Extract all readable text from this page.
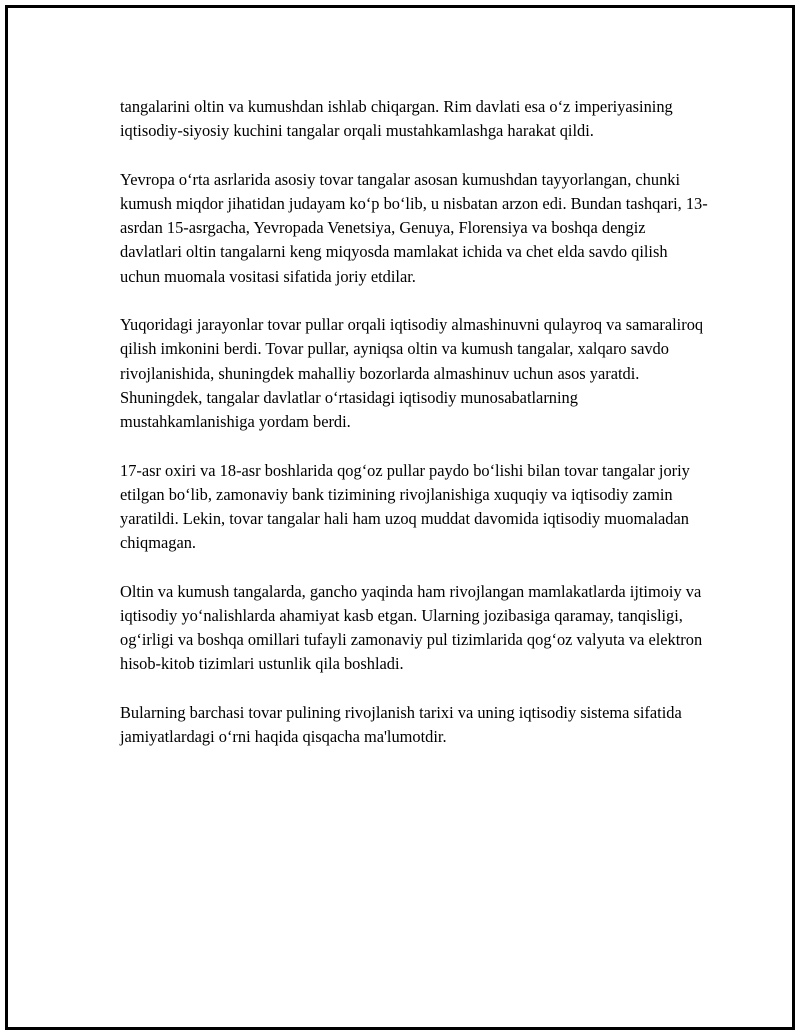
tangalarini oltin va kumushdan ishlab chiqargan. Rim davlati esa oʻz imperiyasining iqtisodiy-siyosiy kuchini tangalar orqali mustahkamlashga harakat qildi.

Yevropa oʻrta asrlarida asosiy tovar tangalar asosan kumushdan tayyorlangan, chunki kumush miqdor jihatidan judayam koʻp boʻlib, u nisbatan arzon edi. Bundan tashqari, 13-asrdan 15-asrgacha, Yevropada Venetsiya, Genuya, Florensiya va boshqa dengiz davlatlari oltin tangalarni keng miqyosda mamlakat ichida va chet elda savdo qilish uchun muomala vositasi sifatida joriy etdilar.

Yuqoridagi jarayonlar tovar pullar orqali iqtisodiy almashinuvni qulayroq va samaraliroq qilish imkonini berdi. Tovar pullar, ayniqsa oltin va kumush tangalar, xalqaro savdo rivojlanishida, shuningdek mahalliy bozorlarda almashinuv uchun asos yaratdi. Shuningdek, tangalar davlatlar oʻrtasidagi iqtisodiy munosabatlarning mustahkamlanishiga yordam berdi.

17-asr oxiri va 18-asr boshlarida qogʻoz pullar paydo boʻlishi bilan tovar tangalar joriy etilgan boʻlib, zamonaviy bank tizimining rivojlanishiga xuquqiy va iqtisodiy zamin yaratildi. Lekin, tovar tangalar hali ham uzoq muddat davomida iqtisodiy muomaladan chiqmagan.

Oltin va kumush tangalarda, gancho yaqinda ham rivojlangan mamlakatlarda ijtimoiy va iqtisodiy yoʻnalishlarda ahamiyat kasb etgan. Ularning jozibasiga qaramay, tanqisligi, ogʻirligi va boshqa omillari tufayli zamonaviy pul tizimlarida qogʻoz valyuta va elektron hisob-kitob tizimlari ustunlik qila boshladi.

Bularning barchasi tovar pulining rivojlanish tarixi va uning iqtisodiy sistema sifatida jamiyatlardagi oʻrni haqida qisqacha ma'lumotdir.
